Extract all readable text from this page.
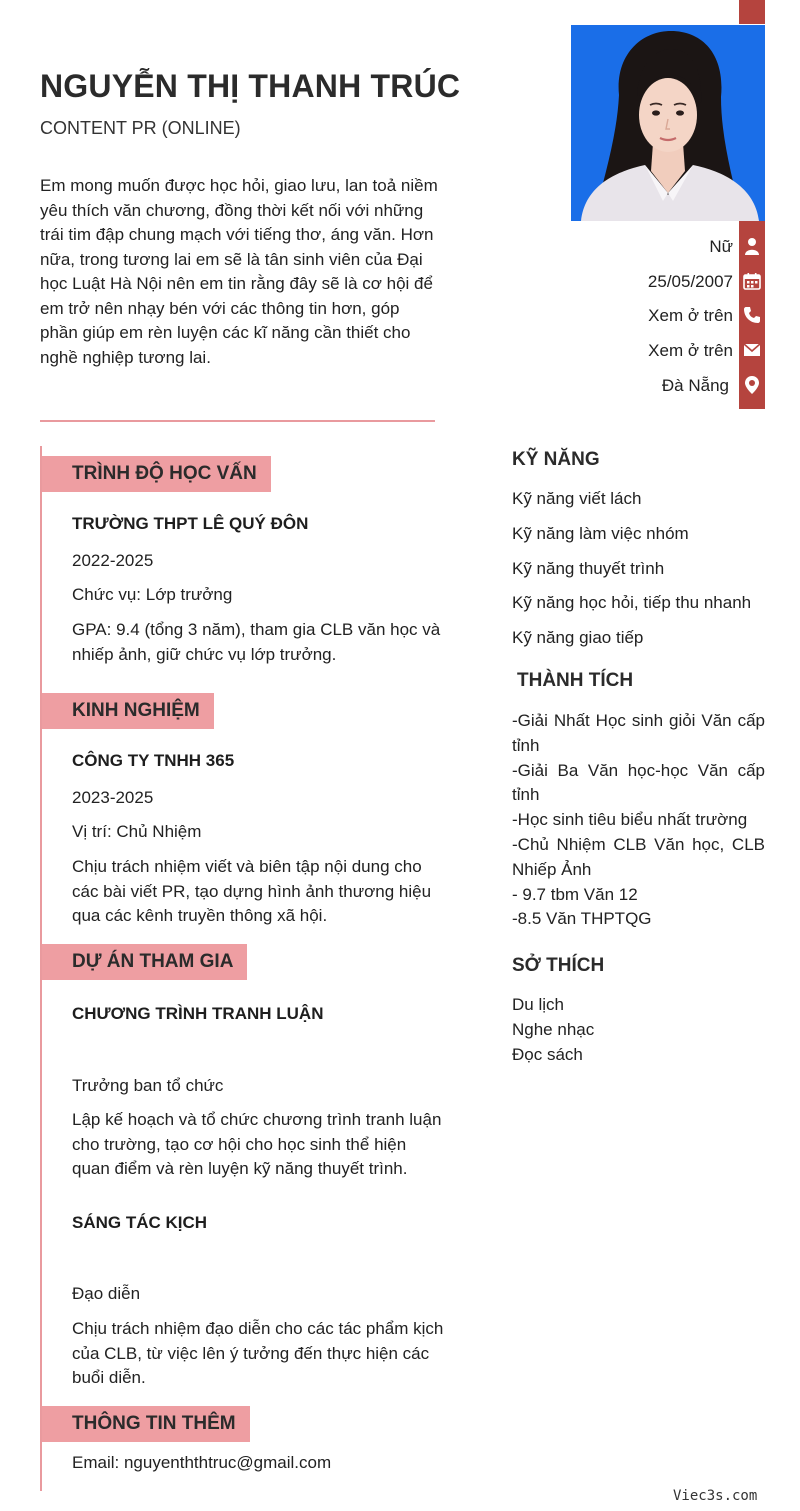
NGUYỄN THỊ THANH TRÚC
CONTENT PR (ONLINE)
Em mong muốn được học hỏi, giao lưu, lan toả niềm yêu thích văn chương, đồng thời kết nối với những trái tim đập chung mạch với tiếng thơ, áng văn. Hơn nữa, trong tương lai em sẽ là tân sinh viên của Đại học Luật Hà Nội nên em tin rằng đây sẽ là cơ hội để em trở nên nhạy bén với các thông tin hơn, góp phần giúp em rèn luyện các kĩ năng cần thiết cho nghề nghiệp tương lai.
Nữ
25/05/2007
Xem ở trên
Xem ở trên
Đà Nẵng
TRÌNH ĐỘ HỌC VẤN
TRƯỜNG THPT LÊ QUÝ ĐÔN
2022-2025
Chức vụ: Lớp trưởng
GPA: 9.4 (tổng 3 năm), tham gia CLB văn học và nhiếp ảnh, giữ chức vụ lớp trưởng.
KINH NGHIỆM
CÔNG TY TNHH 365
2023-2025
Vị trí: Chủ Nhiệm
Chịu trách nhiệm viết và biên tập nội dung cho các bài viết PR, tạo dựng hình ảnh thương hiệu qua các kênh truyền thông xã hội.
DỰ ÁN THAM GIA
CHƯƠNG TRÌNH TRANH LUẬN
Trưởng ban tổ chức
Lập kế hoạch và tổ chức chương trình tranh luận cho trường, tạo cơ hội cho học sinh thể hiện quan điểm và rèn luyện kỹ năng thuyết trình.
SÁNG TÁC KỊCH
Đạo diễn
Chịu trách nhiệm đạo diễn cho các tác phẩm kịch của CLB, từ việc lên ý tưởng đến thực hiện các buổi diễn.
THÔNG TIN THÊM
Email: nguyenththtruc@gmail.com
KỸ NĂNG
Kỹ năng viết lách
Kỹ năng làm việc nhóm
Kỹ năng thuyết trình
Kỹ năng học hỏi, tiếp thu nhanh
Kỹ năng giao tiếp
THÀNH TÍCH
-Giải Nhất Học sinh giỏi Văn cấp tỉnh
-Giải Ba Văn học-học Văn cấp tỉnh
-Học sinh tiêu biểu nhất trường
-Chủ Nhiệm CLB Văn học, CLB Nhiếp Ảnh
- 9.7 tbm Văn 12
-8.5 Văn THPTQG
SỞ THÍCH
Du lịch
Nghe nhạc
Đọc sách
Viec3s.com
